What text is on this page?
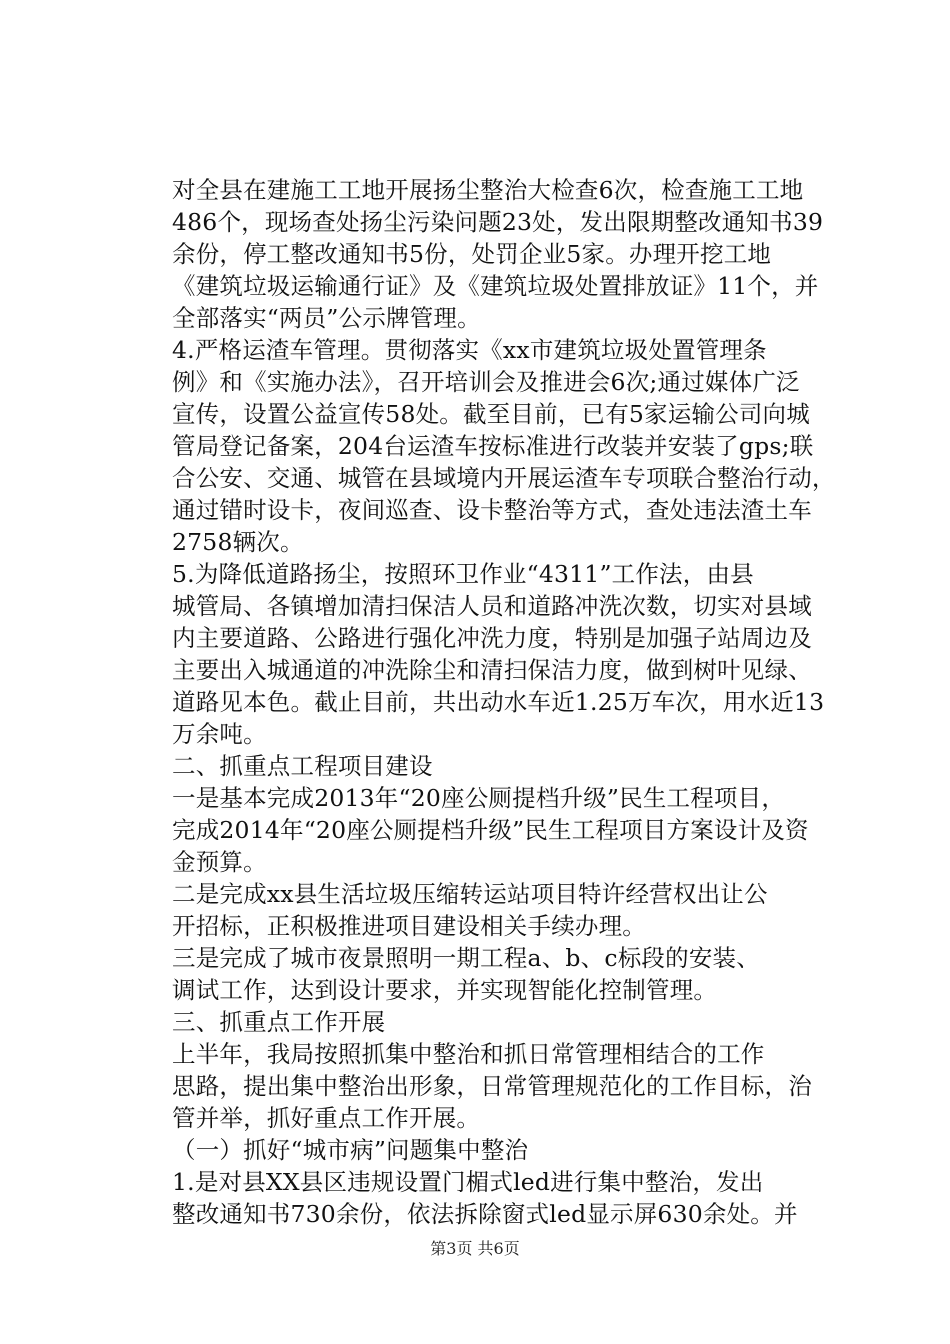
对全县在建施工工地开展扬尘整治大检查6次，检查施工工地
486个，现场查处扬尘污染问题23处，发出限期整改通知书39
余份，停工整改通知书5份，处罚企业5家。办理开挖工地
《建筑垃圾运输通行证》及《建筑垃圾处置排放证》11个，并
全部落实“两员”公示牌管理。
4.严格运渣车管理。贯彻落实《xx市建筑垃圾处置管理条
例》和《实施办法》，召开培训会及推进会6次;通过媒体广泛
宣传，设置公益宣传58处。截至目前，已有5家运输公司向城
管局登记备案，204台运渣车按标准进行改装并安装了gps;联
合公安、交通、城管在县域境内开展运渣车专项联合整治行动，
通过错时设卡，夜间巡查、设卡整治等方式，查处违法渣土车
2758辆次。
5.为降低道路扬尘，按照环卫作业“4311”工作法，由县
城管局、各镇增加清扫保洁人员和道路冲洗次数，切实对县域
内主要道路、公路进行强化冲洗力度，特别是加强子站周边及
主要出入城通道的冲洗除尘和清扫保洁力度，做到树叶见绿、
道路见本色。截止目前，共出动水车近1.25万车次，用水近13
万余吨。
二、抓重点工程项目建设
一是基本完成2013年“20座公厕提档升级”民生工程项目，
完成2014年“20座公厕提档升级”民生工程项目方案设计及资
金预算。
二是完成xx县生活垃圾压缩转运站项目特许经营权出让公
开招标，正积极推进项目建设相关手续办理。
三是完成了城市夜景照明一期工程a、b、c标段的安装、
调试工作，达到设计要求，并实现智能化控制管理。
三、抓重点工作开展
上半年，我局按照抓集中整治和抓日常管理相结合的工作
思路，提出集中整治出形象，日常管理规范化的工作目标，治
管并举，抓好重点工作开展。
（一）抓好“城市病”问题集中整治
1.是对县XX县区违规设置门楣式led进行集中整治，发出
整改通知书730余份，依法拆除窗式led显示屏630余处。并
第3页 共6页
